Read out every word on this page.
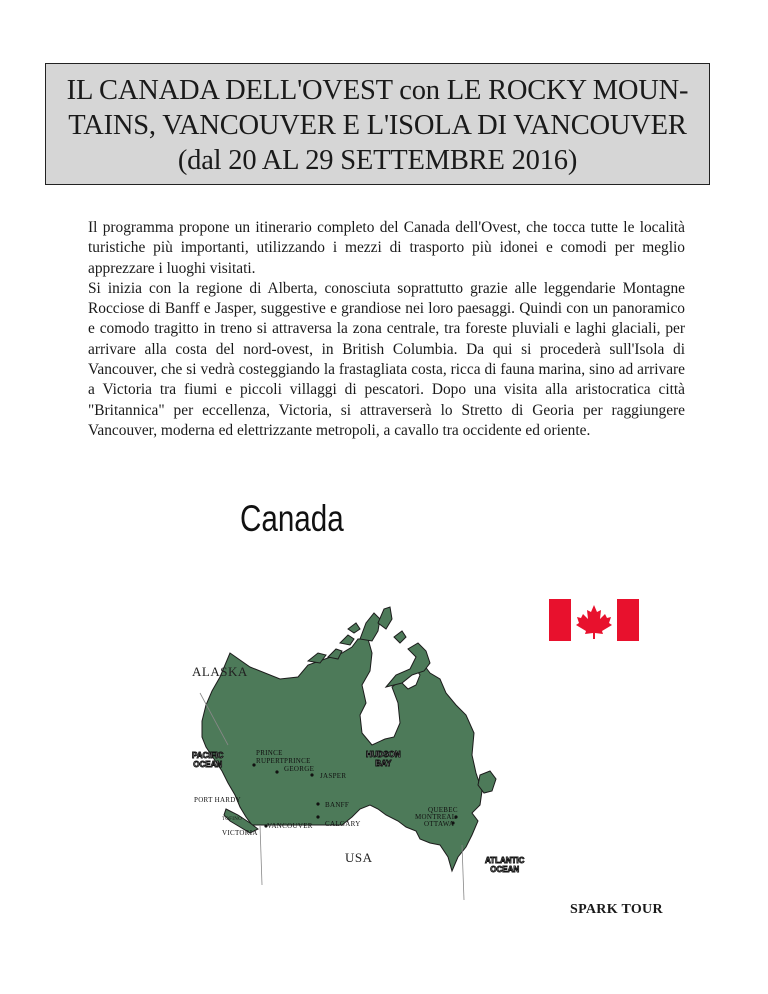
IL CANADA DELL'OVEST con LE ROCKY MOUN-
TAINS, VANCOUVER E L'ISOLA DI VANCOUVER
(dal 20 AL 29 SETTEMBRE 2016)

Il programma propone un itinerario completo del Canada dell'Ovest, che tocca tutte le località turistiche più importanti, utilizzando i mezzi di trasporto più idonei e comodi per meglio apprezzare i luoghi visitati.

Si inizia con la regione di Alberta, conosciuta soprattutto grazie alle leggendarie Montagne Rocciose di Banff e Jasper, suggestive e grandiose nei loro paesaggi. Quindi con un panoramico e comodo tragitto in treno si attraversa la zona centrale, tra foreste pluviali e laghi glaciali, per arrivare alla costa del nord-ovest, in British Columbia. Da qui si procederà sull'Isola di Vancouver, che si vedrà costeggiando la frastagliata costa, ricca di fauna marina, sino ad arrivare a Victoria tra fiumi e piccoli villaggi di pescatori. Dopo una visita alla aristocratica città "Britannica" per eccellenza, Victoria, si attraverserà lo Stretto di Georia per raggiungere Vancouver, moderna ed elettrizzante metropoli, a cavallo tra occidente ed oriente.

Canada
ALASKA
USA
PACIFIC
OCEAN
HUDSON
BAY
ATLANTIC
OCEAN
PRINCE
RUPERT PRINCE
GEORGE
JASPER
PORT HARDY
BANFF
TOFINO
VANCOUVER CALGARY
VICTORIA
QUEBEC
MONTREAL
OTTAWA
SPARK TOUR
